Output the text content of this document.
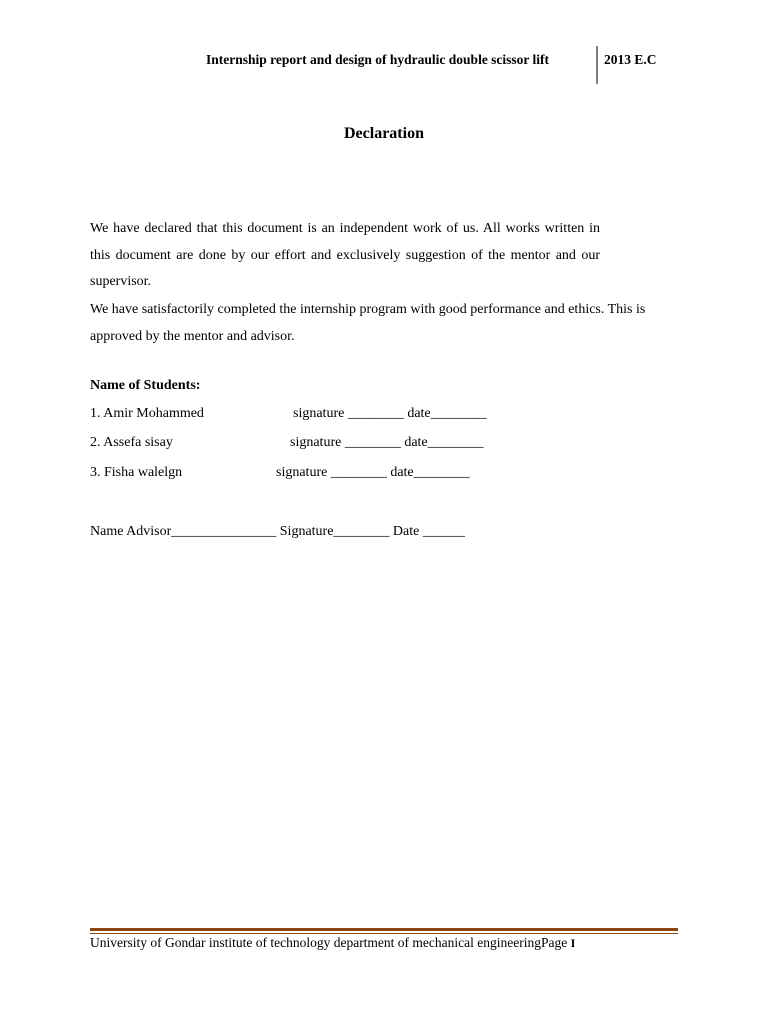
Internship report and design of hydraulic double scissor lift	2013 E.C
Declaration
We have declared that this document is an independent work of us. All works written in this document are done by our effort and exclusively suggestion of the mentor and our supervisor.
We have satisfactorily completed the internship program with good performance and ethics. This is approved by the mentor and advisor.
Name of Students:
1. Amir Mohammed	signature ________ date________
2. Assefa sisay	signature ________ date________
3. Fisha walelgn	signature ________ date________
Name Advisor_______________ Signature________ Date ______
University of Gondar institute of technology department of mechanical engineeringPage I
